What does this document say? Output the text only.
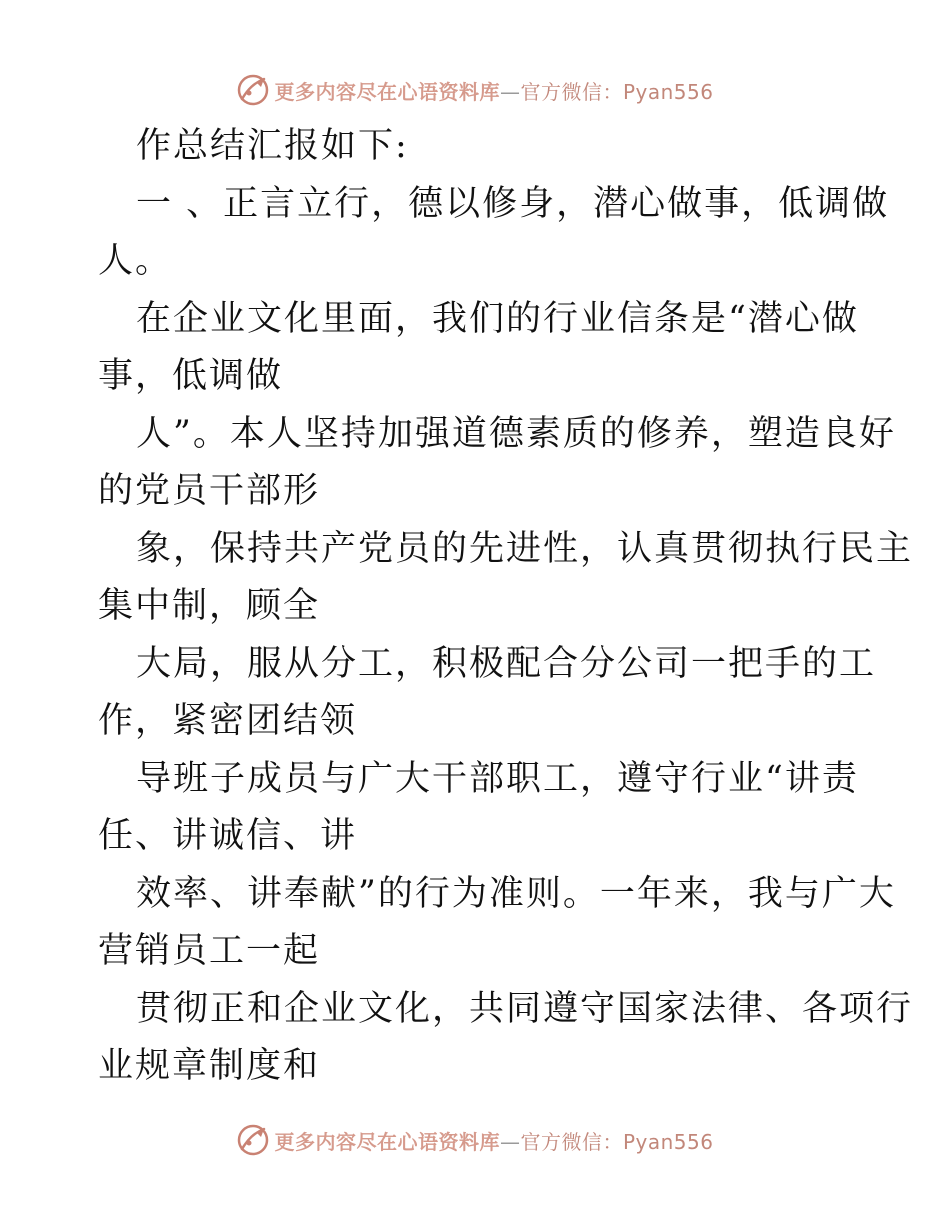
更多内容尽在心语资料库—官方微信：Pyan556
作总结汇报如下:
一 、正言立行，德以修身，潜心做事，低调做
人。
在企业文化里面，我们的行业信条是“潜心做
事，低调做
人”。本人坚持加强道德素质的修养，塑造良好
的党员干部形
象，保持共产党员的先进性，认真贯彻执行民主
集中制，顾全
大局，服从分工，积极配合分公司一把手的工
作，紧密团结领
导班子成员与广大干部职工，遵守行业“讲责
任、讲诚信、讲
效率、讲奉献”的行为准则。一年来，我与广大
营销员工一起
贯彻正和企业文化，共同遵守国家法律、各项行
业规章制度和
更多内容尽在心语资料库—官方微信：Pyan556
